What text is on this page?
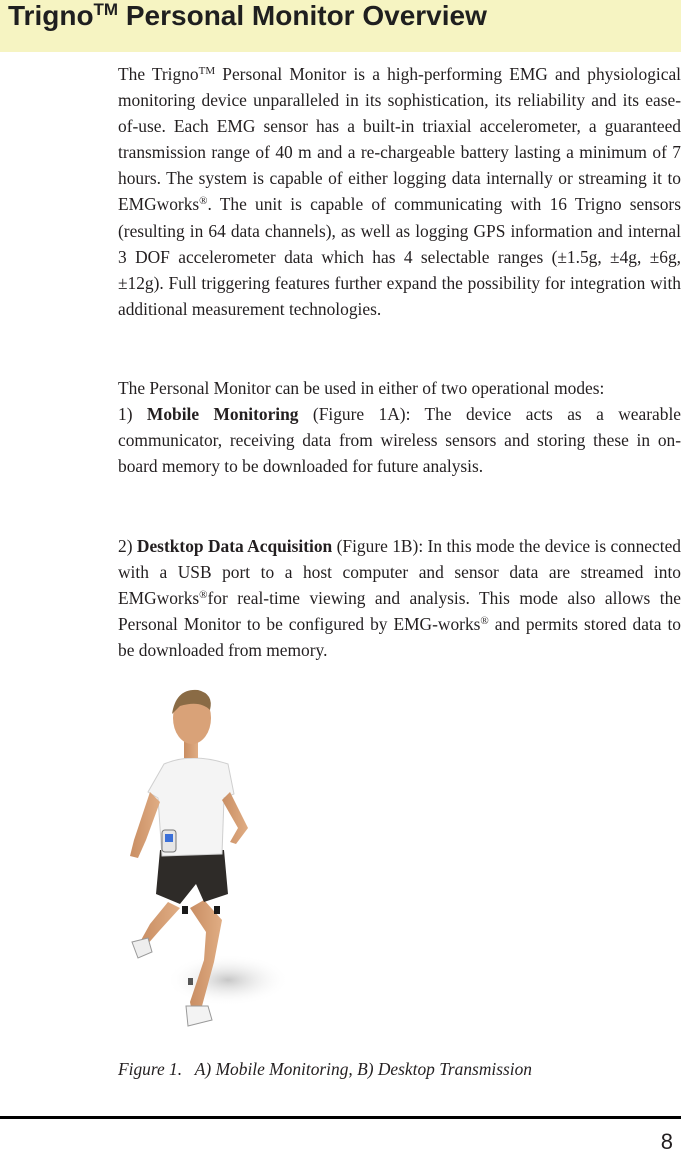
Trigno™ Personal Monitor Overview

The Trigno™ Personal Monitor is a high-performing EMG and physiological monitoring device unparalleled in its sophistication, its reliability and its ease-of-use. Each EMG sensor has a built-in triaxial accelerometer, a guaranteed transmission range of 40 m and a re-chargeable battery lasting a minimum of 7 hours. The system is capable of either logging data internally or streaming it to EMGworks®. The unit is capable of communicating with 16 Trigno sensors (resulting in 64 data channels), as well as logging GPS information and internal 3 DOF accelerometer data which has 4 selectable ranges (±1.5g, ±4g, ±6g, ±12g). Full triggering features further expand the possibility for integration with additional measurement technologies.

The Personal Monitor can be used in either of two operational modes:

1) Mobile Monitoring (Figure 1A): The device acts as a wearable communicator, receiving data from wireless sensors and storing these in on-board memory to be downloaded for future analysis.

2) Destktop Data Acquisition (Figure 1B): In this mode the device is connected with a USB port to a host computer and sensor data are streamed into EMGworks®for real-time viewing and analysis. This mode also allows the Personal Monitor to be configured by EMG-works® and permits stored data to be downloaded from memory.

Figure 1.   A) Mobile Monitoring, B) Desktop Transmission

8
